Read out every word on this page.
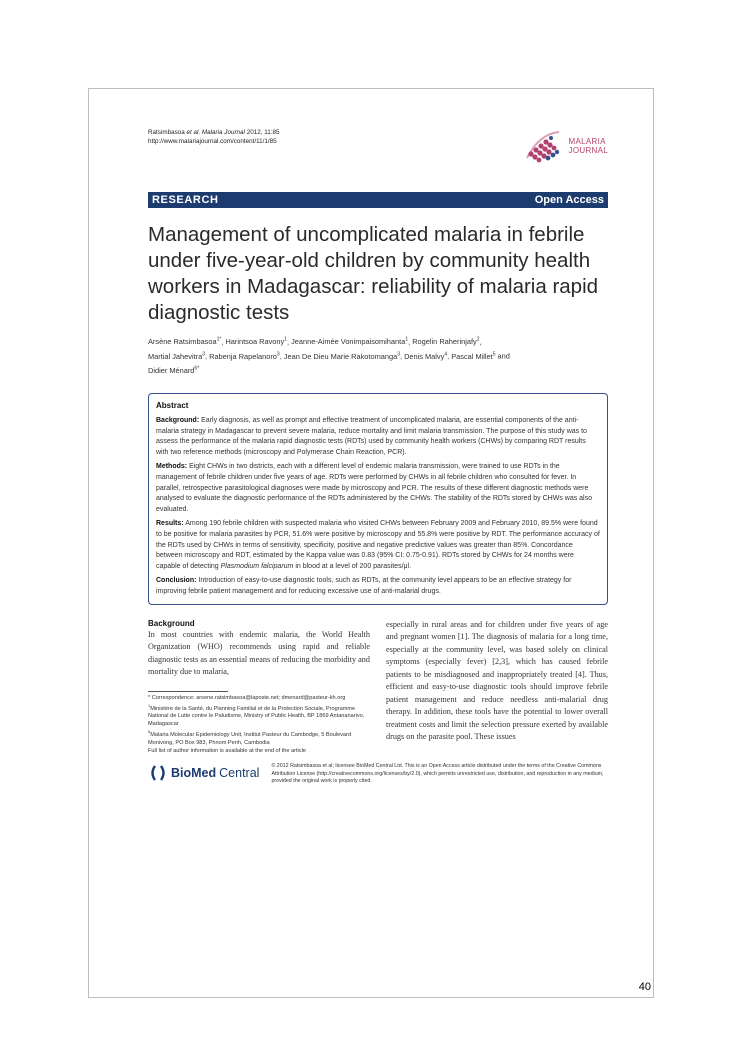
40
Ratsimbasoa et al. Malaria Journal 2012, 11:85
http://www.malariajournal.com/content/11/1/85	MALARIA
JOURNAL
RESEARCH	Open Access
Management of uncomplicated malaria in febrile under five-year-old children by community health workers in Madagascar: reliability of malaria rapid diagnostic tests
Arsène Ratsimbasoa$^{1*}$, Harintsoa Ravony$^1$, Jeanne-Aimée Vonimpaisomihanta$^1$, Rogelin Raherinjafy$^2$,
Martial Jahevitra$^3$, Rabenja Rapelanoro$^3$, Jean De Dieu Marie Rakotomanga$^3$, Denis Malvy$^4$, Pascal Millet$^5$ and
Didier Ménard$^{6*}$
Abstract

Background: Early diagnosis, as well as prompt and effective treatment of uncomplicated malaria, are essential components of the anti-malaria strategy in Madagascar to prevent severe malaria, reduce mortality and limit malaria transmission. The purpose of this study was to assess the performance of the malaria rapid diagnostic tests (RDTs) used by community health workers (CHWs) by comparing RDT results with two reference methods (microscopy and Polymerase Chain Reaction, PCR).

Methods: Eight CHWs in two districts, each with a different level of endemic malaria transmission, were trained to use RDTs in the management of febrile children under five years of age. RDTs were performed by CHWs in all febrile children who consulted for fever. In parallel, retrospective parasitological diagnoses were made by microscopy and PCR. The results of these different diagnostic methods were analysed to evaluate the diagnostic performance of the RDTs administered by the CHWs. The stability of the RDTs stored by CHWs was also evaluated.

Results: Among 190 febrile children with suspected malaria who visited CHWs between February 2009 and February 2010, 89.5% were found to be positive for malaria parasites by PCR, 51.6% were positive by microscopy and 55.8% were positive by RDT. The performance accuracy of the RDTs used by CHWs in terms of sensitivity, specificity, positive and negative predictive values was greater than 85%. Concordance between microscopy and RDT, estimated by the Kappa value was 0.83 (95% CI: 0.75-0.91). RDTs stored by CHWs for 24 months were capable of detecting Plasmodium falciparum in blood at a level of 200 parasites/μl.

Conclusion: Introduction of easy-to-use diagnostic tools, such as RDTs, at the community level appears to be an effective strategy for improving febrile patient management and for reducing excessive use of anti-malarial drugs.

Background

In most countries with endemic malaria, the World Health Organization (WHO) recommends using rapid and reliable diagnostic tests as an essential means of reducing the morbidity and mortality due to malaria,

* Correspondence: arsene.ratsimbasoa@laposte.net; dmenard@pasteur-kh.org
$^1$Ministère de la Santé, du Planning Familial et de la Protection Sociale, Programme National de Lutte contre le Paludisme, Ministry of Public Health, BP 1869 Antananarivo, Madagascar
$^6$Malaria Molecular Epidemiology Unit, Institut Pasteur du Cambodge, 5 Boulevard Monivong, PO Box 983, Phnom Penh, Cambodia
Full list of author information is available at the end of the article

especially in rural areas and for children under five years of age and pregnant women [1]. The diagnosis of malaria for a long time, especially at the community level, was based solely on clinical symptoms (especially fever) [2,3], which has caused febrile patients to be misdiagnosed and inappropriately treated [4]. Thus, efficient and easy-to-use diagnostic tools should improve febrile patient management and reduce needless anti-malarial drug therapy. In addition, these tools have the potential to lower overall treatment costs and limit the selection pressure exerted by available drugs on the parasite pool. These issues

BioMed Central © 2012 Ratsimbasoa et al; licensee BioMed Central Ltd. This is an Open Access article distributed under the terms of the Creative Commons Attribution License (http://creativecommons.org/licenses/by/2.0), which permits unrestricted use, distribution, and reproduction in any medium, provided the original work is properly cited.
